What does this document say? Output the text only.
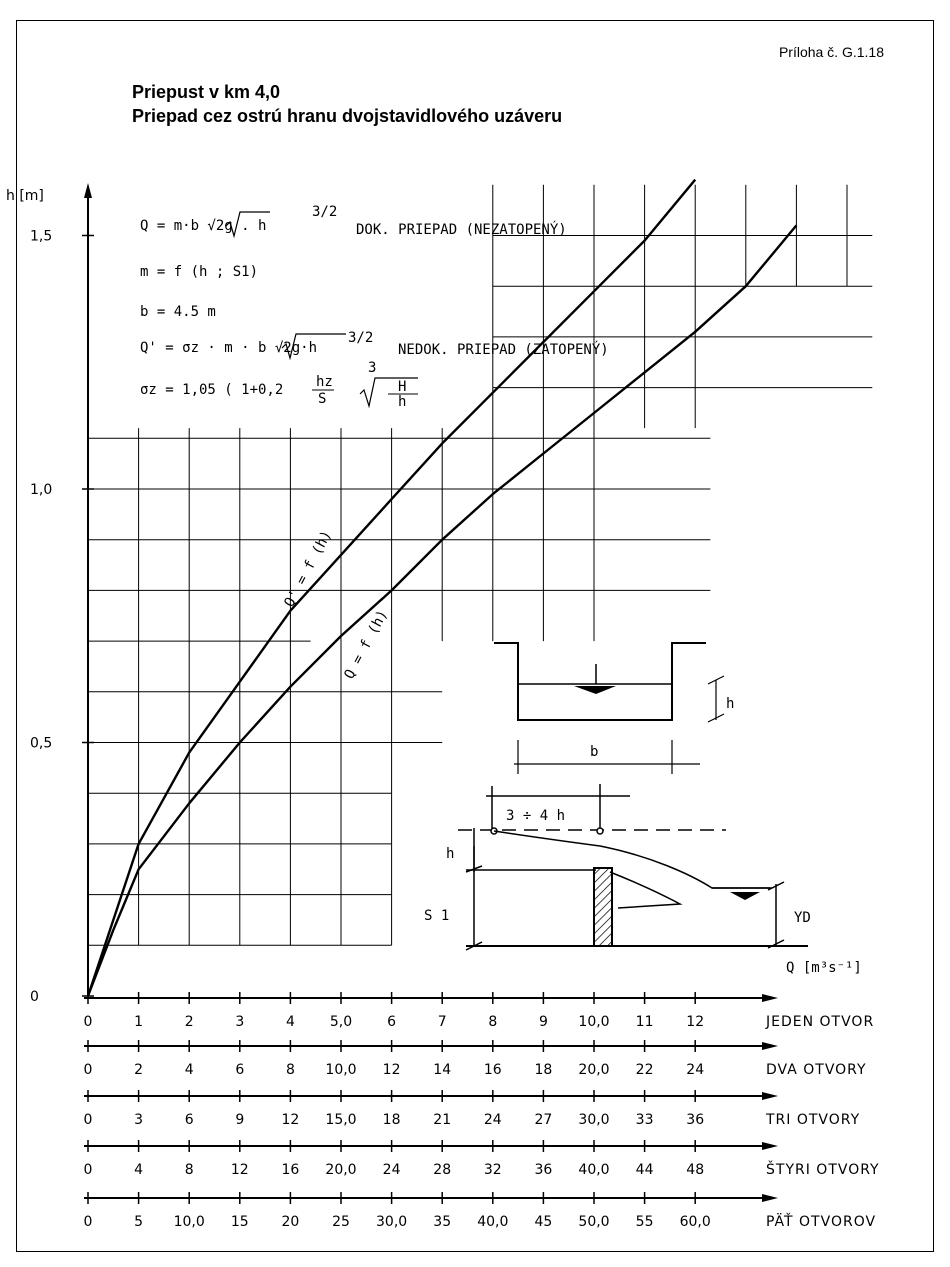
Príloha č. G.1.18
Priepust v km 4,0
Priepad cez ostrú hranu dvojstavidlového uzáveru
h [m]
0
0,5
1,0
1,5
Q' = f (h)
Q = f (h)
Q = m·b √2g . h
3/2
DOK. PRIEPAD (NEZATOPENÝ)
m = f (h ; S1)
b = 4.5 m
Q' = σz · m · b √2g·h
3/2
NEDOK. PRIEPAD (ZATOPENÝ)
σz = 1,05 ( 1+0,2 hz
S
3
H
h
h
b
3 ÷ 4 h
h
S 1	YD
Q [m³s⁻¹]
0	1	2	3	4	5,0	6	7	8	9 10,0 11 12	JEDEN OTVOR
0	2	4	6	8 10,0 12 14 16 18 20,0 22 24	DVA OTVORY
0	3	6	9	12 15,0 18 21 24 27 30,0 33 36	TRI OTVORY
0	4	8	12 16 20,0 24 28 32 36 40,0 44 48	ŠTYRI OTVORY
0	5 10,0 15 20 25 30,0 35 40,0 45 50,0 55 60,0	PÄŤ OTVOROV
